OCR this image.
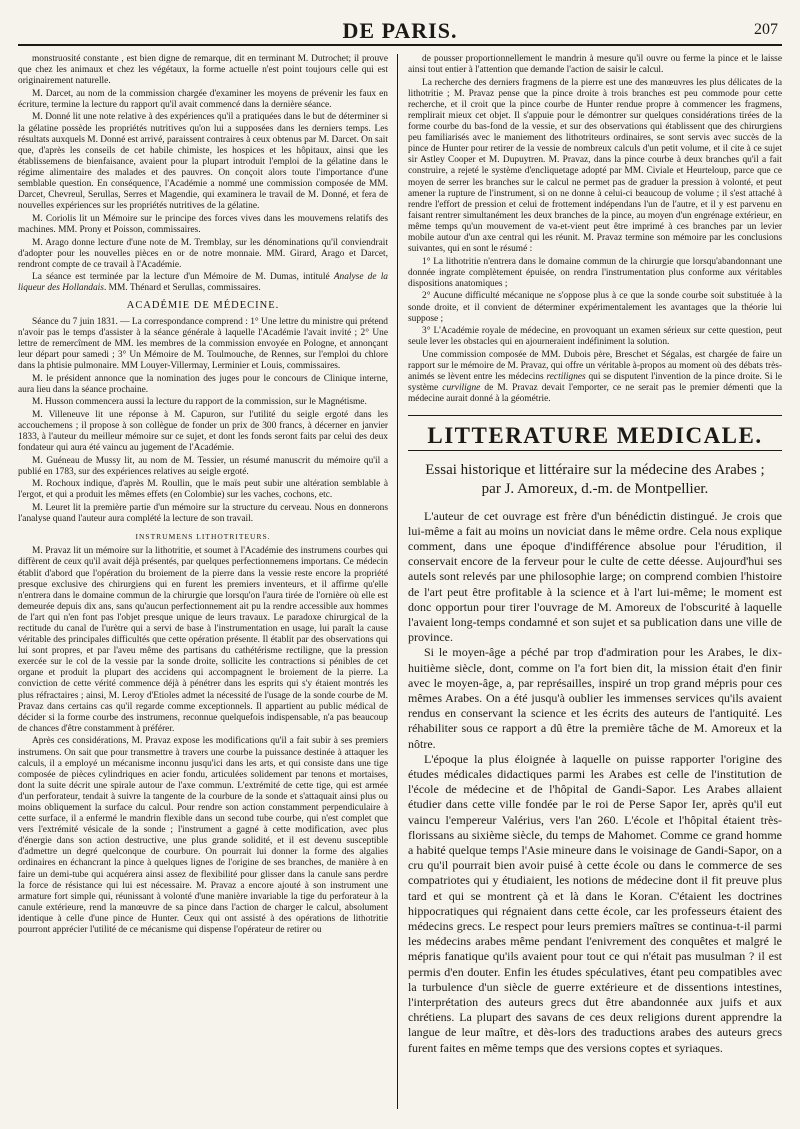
DE PARIS.	207

monstruosité constante , est bien digne de remarque, dit en terminant M. Dutrochet; il prouve que chez les animaux et chez les végétaux, la forme actuelle n'est point toujours celle qui est originairement naturelle.

M. Darcet, au nom de la commission chargée d'examiner les moyens de prévenir les faux en écriture, termine la lecture du rapport qu'il avait commencé dans la dernière séance.

M. Donné lit une note relative à des expériences qu'il a pratiquées dans le but de déterminer si la gélatine possède les propriétés nutritives qu'on lui a supposées dans les derniers temps. Les résultats auxquels M. Donné est arrivé, paraissent contraires à ceux obtenus par M. Darcet. On sait que, d'après les conseils de cet habile chimiste, les hospices et les hôpitaux, ainsi que les établissemens de bienfaisance, avaient pour la plupart introduit l'emploi de la gélatine dans le régime alimentaire des malades et des pauvres. On conçoit alors toute l'importance d'une semblable question. En conséquence, l'Académie a nommé une commission composée de MM. Darcet, Chevreul, Serullas, Serres et Magendie, qui examinera le travail de M. Donné, et fera de nouvelles expériences sur les propriétés nutritives de la gélatine.

M. Coriolis lit un Mémoire sur le principe des forces vives dans les mouvemens relatifs des machines. MM. Prony et Poisson, commissaires.

M. Arago donne lecture d'une note de M. Tremblay, sur les dénominations qu'il conviendrait d'adopter pour les nouvelles pièces en or de notre monnaie. MM. Girard, Arago et Darcet, rendront compte de ce travail à l'Académie.

La séance est terminée par la lecture d'un Mémoire de M. Dumas, intitulé Analyse de la liqueur des Hollandais. MM. Thénard et Serullas, commissaires.

ACADÉMIE DE MÉDECINE.

Séance du 7 juin 1831. — La correspondance comprend : 1° Une lettre du ministre qui prétend n'avoir pas le temps d'assister à la séance générale à laquelle l'Académie l'avait invité ; 2° Une lettre de remercîment de MM. les membres de la commission envoyée en Pologne, et annonçant leur départ pour samedi ; 3° Un Mémoire de M. Toulmouche, de Rennes, sur l'emploi du chlore dans la phtisie pulmonaire. MM Louyer-Villermay, Lerminier et Louis, commissaires.

M. le président annonce que la nomination des juges pour le concours de Clinique interne, aura lieu dans la séance prochaine.

M. Husson commencera aussi la lecture du rapport de la commission, sur le Magnétisme.

M. Villeneuve lit une réponse à M. Capuron, sur l'utilité du seigle ergoté dans les accouchemens ; il propose à son collègue de fonder un prix de 300 francs, à décerner en janvier 1833, à l'auteur du meilleur mémoire sur ce sujet, et dont les fonds seront faits par celui des deux fondateur qui aura été vaincu au jugement de l'Académie.

M. Guéneau de Mussy lit, au nom de M. Tessier, un résumé manuscrit du mémoire qu'il a publié en 1783, sur des expériences relatives au seigle ergoté.

M. Rochoux indique, d'après M. Roullin, que le maïs peut subir une altération semblable à l'ergot, et qui a produit les mêmes effets (en Colombie) sur les vaches, cochons, etc.

M. Leuret lit la première partie d'un mémoire sur la structure du cerveau. Nous en donnerons l'analyse quand l'auteur aura complété la lecture de son travail.

INSTRUMENS LITHOTRITEURS.

M. Pravaz lit un mémoire sur la lithotritie, et soumet à l'Académie des instrumens courbes qui diffèrent de ceux qu'il avait déjà présentés, par quelques perfectionnemens importans. Ce médecin établit d'abord que l'opération du broiement de la pierre dans la vessie reste encore la propriété presque exclusive des chirurgiens qui en furent les premiers inventeurs, et il affirme qu'elle n'entrera dans le domaine commun de la chirurgie que lorsqu'on l'aura tirée de l'ornière où elle est demeurée depuis dix ans, sans qu'aucun perfectionnement ait pu la rendre accessible aux hommes de l'art qui n'en font pas l'objet presque unique de leurs travaux. Le paradoxe chirurgical de la rectitude du canal de l'urètre qui a servi de base à l'instrumentation en usage, lui paraît la cause véritable des principales difficultés que cette opération présente. Il établit par des observations qui lui sont propres, et par l'aveu même des partisans du cathétérisme rectiligne, que la pression exercée sur le col de la vessie par la sonde droite, sollicite les contractions si pénibles de cet organe et produit la plupart des accidens qui accompagnent le broiement de la pierre. La conviction de cette vérité commence déjà à pénétrer dans les esprits qui s'y étaient montrés les plus réfractaires ; ainsi, M. Leroy d'Etioles admet la nécessité de l'usage de la sonde courbe de M. Pravaz dans certains cas qu'il regarde comme exceptionnels. Il appartient au public médical de décider si la forme courbe des instrumens, reconnue quelquefois indispensable, n'a pas beaucoup de chances d'être constamment à préférer.

Après ces considérations, M. Pravaz expose les modifications qu'il a fait subir à ses premiers instrumens. On sait que pour transmettre à travers une courbe la puissance destinée à attaquer les calculs, il a employé un mécanisme inconnu jusqu'ici dans les arts, et qui consiste dans une tige composée de pièces cylindriques en acier fondu, articulées solidement par tenons et mortaises, dont la suite décrit une spirale autour de l'axe commun. L'extrémité de cette tige, qui est armée d'un perforateur, tendait à suivre la tangente de la courbure de la sonde et s'attaquait ainsi plus ou moins obliquement la surface du calcul. Pour rendre son action constamment perpendiculaire à cette surface, il a enfermé le mandrin flexible dans un second tube courbe, qui n'est complet que vers l'extrémité vésicale de la sonde ; l'instrument a gagné à cette modification, avec plus d'énergie dans son action destructive, une plus grande solidité, et il est devenu susceptible d'admettre un degré quelconque de courbure. On pourrait lui donner la forme des algalies ordinaires en échancrant la pince à quelques lignes de l'origine de ses branches, de manière à en faire un demi-tube qui acquérera ainsi assez de flexibilité pour glisser dans la canule sans perdre la force de résistance qui lui est nécessaire. M. Pravaz a encore ajouté à son instrument une armature fort simple qui, réunissant à volonté d'une manière invariable la tige du perforateur à la canule extérieure, rend la manœuvre de sa pince dans l'action de charger le calcul, absolument identique à celle d'une pince de Hunter. Ceux qui ont assisté à des opérations de lithotritie pourront apprécier l'utilité de ce mécanisme qui dispense l'opérateur de retirer ou

de pousser proportionnellement le mandrin à mesure qu'il ouvre ou ferme la pince et le laisse ainsi tout entier à l'attention que demande l'action de saisir le calcul.

La recherche des derniers fragmens de la pierre est une des manœuvres les plus délicates de la lithotritie ; M. Pravaz pense que la pince droite à trois branches est peu commode pour cette recherche, et il croit que la pince courbe de Hunter rendue propre à commencer les fragmens, remplirait mieux cet objet. Il s'appuie pour le démontrer sur quelques considérations tirées de la forme courbe du bas-fond de la vessie, et sur des observations qui établissent que des chirurgiens peu familiarisés avec le maniement des lithotriteurs ordinaires, se sont servis avec succès de la pince de Hunter pour retirer de la vessie de nombreux calculs d'un petit volume, et il cite à ce sujet sir Astley Cooper et M. Dupuytren. M. Pravaz, dans la pince courbe à deux branches qu'il a fait construire, a rejeté le système d'encliquetage adopté par MM. Civiale et Heurteloup, parce que ce moyen de serrer les branches sur le calcul ne permet pas de graduer la pression à volonté, et peut amener la rupture de l'instrument, si on ne donne à celui-ci beaucoup de volume ; il s'est attaché à rendre l'effort de pression et celui de frottement indépendans l'un de l'autre, et il y est parvenu en faisant rentrer simultanément les deux branches de la pince, au moyen d'un engrénage extérieur, en même temps qu'un mouvement de va-et-vient peut être imprimé à ces branches par un levier mobile autour d'un axe central qui les réunit. M. Pravaz termine son mémoire par les conclusions suivantes, qui en sont le résumé :

1° La lithotritie n'entrera dans le domaine commun de la chirurgie que lorsqu'abandonnant une donnée ingrate complètement épuisée, on rendra l'instrumentation plus conforme aux véritables dispositions anatomiques ;

2° Aucune difficulté mécanique ne s'oppose plus à ce que la sonde courbe soit substituée à la sonde droite, et il convient de déterminer expérimentalement les avantages que la théorie lui suppose ;

3° L'Académie royale de médecine, en provoquant un examen sérieux sur cette question, peut seule lever les obstacles qui en ajourneraient indéfiniment la solution.

Une commission composée de MM. Dubois père, Breschet et Ségalas, est chargée de faire un rapport sur le mémoire de M. Pravaz, qui offre un véritable à-propos au moment où des débats très-animés se lèvent entre les médecins rectilignes qui se disputent l'invention de la pince droite. Si le système curviligne de M. Pravaz devait l'emporter, ce ne serait pas le premier démenti que la médecine aurait donné à la géométrie.

LITTERATURE MEDICALE.
Essai historique et littéraire sur la médecine des Arabes ; par J. Amoreux, d.-m. de Montpellier.

L'auteur de cet ouvrage est frère d'un bénédictin distingué. Je crois que lui-même a fait au moins un noviciat dans le même ordre. Cela nous explique comment, dans une époque d'indifférence absolue pour l'érudition, il conservait encore de la ferveur pour le culte de cette déesse. Aujourd'hui ses autels sont relevés par une philosophie large; on comprend combien l'histoire de l'art peut être profitable à la science et à l'art lui-même; le moment est donc opportun pour tirer l'ouvrage de M. Amoreux de l'obscurité à laquelle l'avaient long-temps condamné et son sujet et sa publication dans une ville de province.

Si le moyen-âge a péché par trop d'admiration pour les Arabes, le dix-huitième siècle, dont, comme on l'a fort bien dit, la mission était d'en finir avec le moyen-âge, a, par représailles, inspiré un trop grand mépris pour ces mêmes Arabes. On a été jusqu'à oublier les immenses services qu'ils avaient rendus en conservant la science et les écrits des auteurs de l'antiquité. Les réhabiliter sous ce rapport a dû être la première tâche de M. Amoreux et la nôtre.

L'époque la plus éloignée à laquelle on puisse rapporter l'origine des études médicales didactiques parmi les Arabes est celle de l'institution de l'école de médecine et de l'hôpital de Gandi-Sapor. Les Arabes allaient étudier dans cette ville fondée par le roi de Perse Sapor Ier, après qu'il eut vaincu l'empereur Valérius, vers l'an 260. L'école et l'hôpital étaient très-florissans au sixième siècle, du temps de Mahomet. Comme ce grand homme a habité quelque temps l'Asie mineure dans le voisinage de Gandi-Sapor, on a cru qu'il pourrait bien avoir puisé à cette école ou dans le commerce de ses compatriotes qui y étudiaient, les notions de médecine dont il fit preuve plus tard et qui se montrent çà et là dans le Koran. C'étaient les doctrines hippocratiques qui régnaient dans cette école, car les professeurs étaient des médecins grecs. Le respect pour leurs premiers maîtres se continua-t-il parmi les médecins arabes même pendant l'enivrement des conquêtes et malgré le mépris fanatique qu'ils avaient pour tout ce qui n'était pas musulman ? il est permis d'en douter. Enfin les études spéculatives, étant peu compatibles avec la turbulence d'un siècle de guerre extérieure et de dissentions intestines, l'interprétation des auteurs grecs dut être abandonnée aux juifs et aux chrétiens. La plupart des savans de ces deux religions durent apprendre la langue de leur maître, et dès-lors des traductions arabes des auteurs grecs furent faites en même temps que des versions coptes et syriaques.
